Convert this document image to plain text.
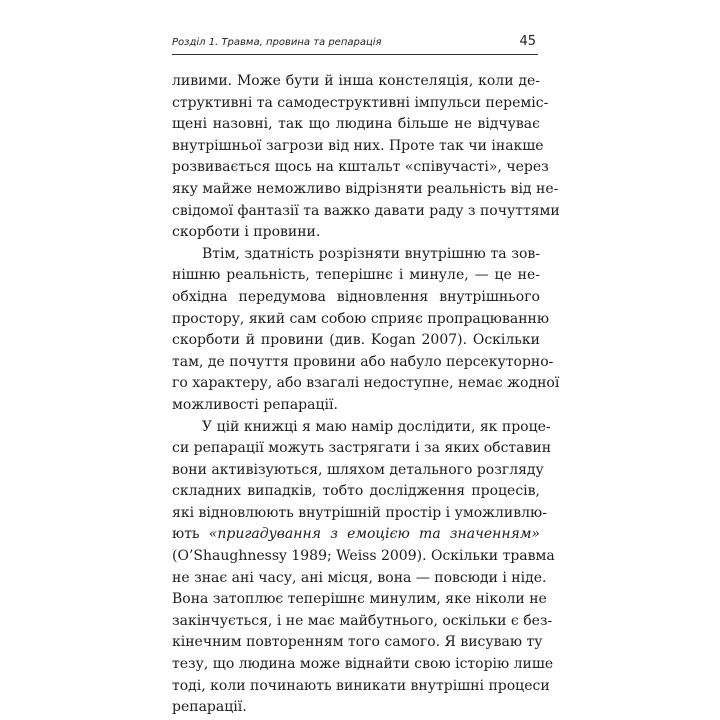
Розділ 1. Травма, провина та репарація	45
ливими. Може бути й інша констеляція, коли де-
структивні та самодеструктивні імпульси переміс-
щені назовні, так що людина більше не відчуває
внутрішньої загрози від них. Проте так чи інакше
розвивається щось на кштальт «співучасті», через
яку майже неможливо відрізняти реальність від не-
свідомої фантазії та важко давати раду з почуттями
скорботи і провини.
Втім, здатність розрізняти внутрішню та зов-
нішню реальність, теперішнє і минуле, — це не-
обхідна передумова відновлення внутрішнього
простору, який сам собою сприяє пропрацюванню
скорботи й провини (див. Kogan 2007). Оскільки
там, де почуття провини або набуло персекуторно-
го характеру, або взагалі недоступне, немає жодної
можливості репарації.
У цій книжці я маю намір дослідити, як проце-
си репарації можуть застрягати і за яких обставин
вони активізуються, шляхом детального розгляду
складних випадків, тобто дослідження процесів,
які відновлюють внутрішній простір і уможливлю-
ють «пригадування з емоцією та значенням»
(O’Shaughnessy 1989; Weiss 2009). Оскільки травма
не знає ані часу, ані місця, вона — повсюди і ніде.
Вона затоплює теперішнє минулим, яке ніколи не
закінчується, і не має майбутнього, оскільки є без-
кінечним повторенням того самого. Я висуваю ту
тезу, що людина може віднайти свою історію лише
тоді, коли починають виникати внутрішні процеси
репарації.
